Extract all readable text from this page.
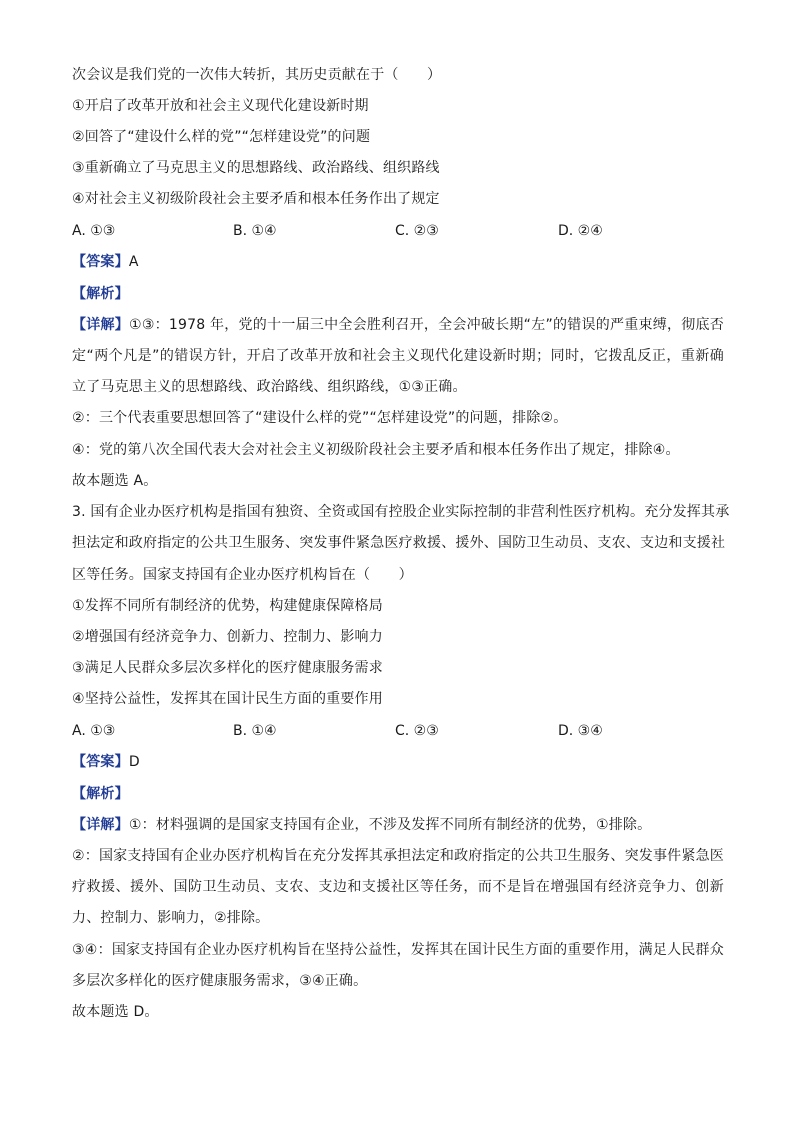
次会议是我们党的一次伟大转折，其历史贡献在于（　　）
①开启了改革开放和社会主义现代化建设新时期
②回答了“建设什么样的党”“怎样建设党”的问题
③重新确立了马克思主义的思想路线、政治路线、组织路线
④对社会主义初级阶段社会主要矛盾和根本任务作出了规定
A. ①③	B. ①④	C. ②③	D. ②④
【答案】A
【解析】
【详解】①③：1978 年，党的十一届三中全会胜利召开，全会冲破长期“左”的错误的严重束缚，彻底否
定“两个凡是”的错误方针，开启了改革开放和社会主义现代化建设新时期；同时，它拨乱反正，重新确
立了马克思主义的思想路线、政治路线、组织路线，①③正确。
②：三个代表重要思想回答了“建设什么样的党”“怎样建设党”的问题，排除②。
④：党的第八次全国代表大会对社会主义初级阶段社会主要矛盾和根本任务作出了规定，排除④。
故本题选 A。
3. 国有企业办医疗机构是指国有独资、全资或国有控股企业实际控制的非营利性医疗机构。充分发挥其承
担法定和政府指定的公共卫生服务、突发事件紧急医疗救援、援外、国防卫生动员、支农、支边和支援社
区等任务。国家支持国有企业办医疗机构旨在（　　）
①发挥不同所有制经济的优势，构建健康保障格局
②增强国有经济竞争力、创新力、控制力、影响力
③满足人民群众多层次多样化的医疗健康服务需求
④坚持公益性，发挥其在国计民生方面的重要作用
A. ①③	B. ①④	C. ②③	D. ③④
【答案】D
【解析】
【详解】①：材料强调的是国家支持国有企业，不涉及发挥不同所有制经济的优势，①排除。
②：国家支持国有企业办医疗机构旨在充分发挥其承担法定和政府指定的公共卫生服务、突发事件紧急医
疗救援、援外、国防卫生动员、支农、支边和支援社区等任务，而不是旨在增强国有经济竞争力、创新
力、控制力、影响力，②排除。
③④：国家支持国有企业办医疗机构旨在坚持公益性，发挥其在国计民生方面的重要作用，满足人民群众
多层次多样化的医疗健康服务需求，③④正确。
故本题选 D。
